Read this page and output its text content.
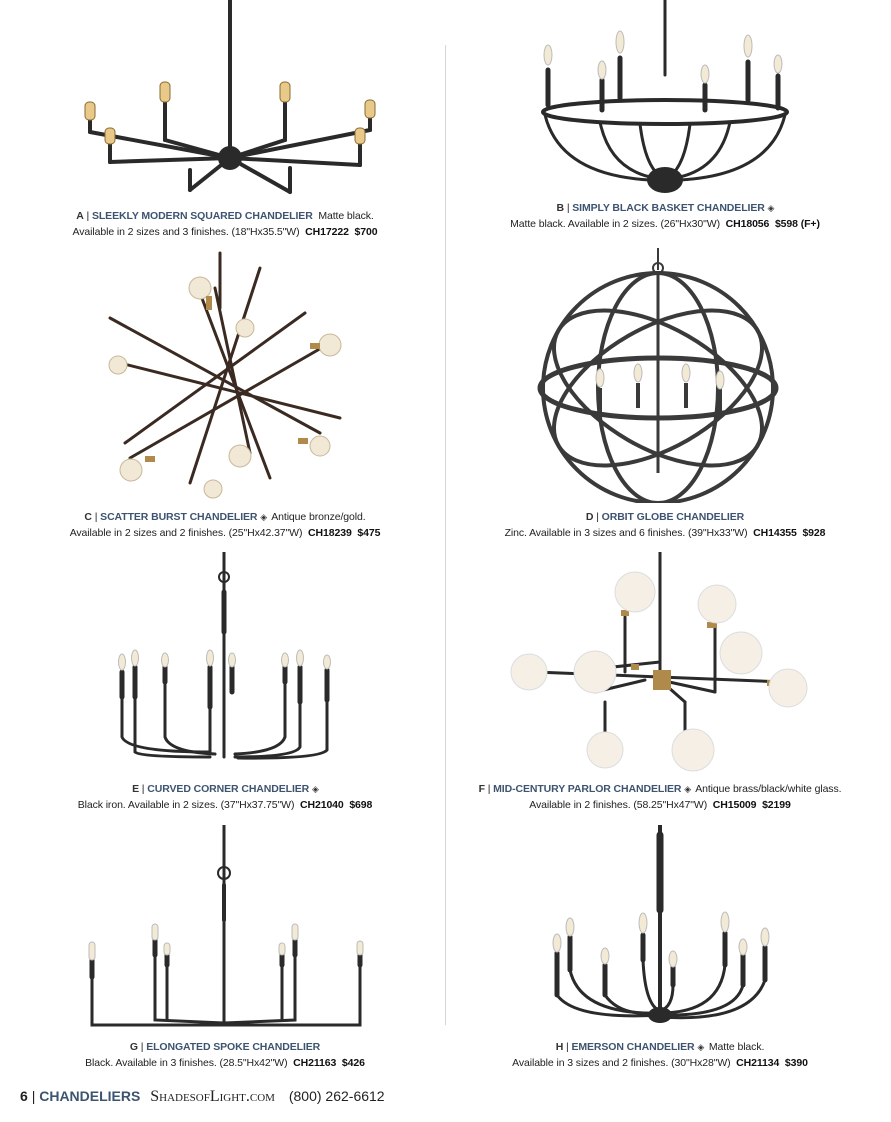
A | SLEEKLY MODERN SQUARED CHANDELIER Matte black.
Available in 2 sizes and 3 finishes. (18"Hx35.5"W) CH17222 $700
B | SIMPLY BLACK BASKET CHANDELIER ◈
Matte black. Available in 2 sizes. (26"Hx30"W) CH18056 $598 (F+)
C | SCATTER BURST CHANDELIER ◈ Antique bronze/gold.
Available in 2 sizes and 2 finishes. (25"Hx42.37"W) CH18239 $475
D | ORBIT GLOBE CHANDELIER
Zinc. Available in 3 sizes and 6 finishes. (39"Hx33"W) CH14355 $928
E | CURVED CORNER CHANDELIER ◈
Black iron. Available in 2 sizes. (37"Hx37.75"W) CH21040 $698
F | MID-CENTURY PARLOR CHANDELIER ◈ Antique brass/black/white glass.
Available in 2 finishes. (58.25"Hx47"W) CH15009 $2199
G | ELONGATED SPOKE CHANDELIER
Black. Available in 3 finishes. (28.5"Hx42"W) CH21163 $426
H | EMERSON CHANDELIER ◈ Matte black.
Available in 3 sizes and 2 finishes. (30"Hx28"W) CH21134 $390
6 | CHANDELIERS ShadesofLight.com (800) 262-6612
